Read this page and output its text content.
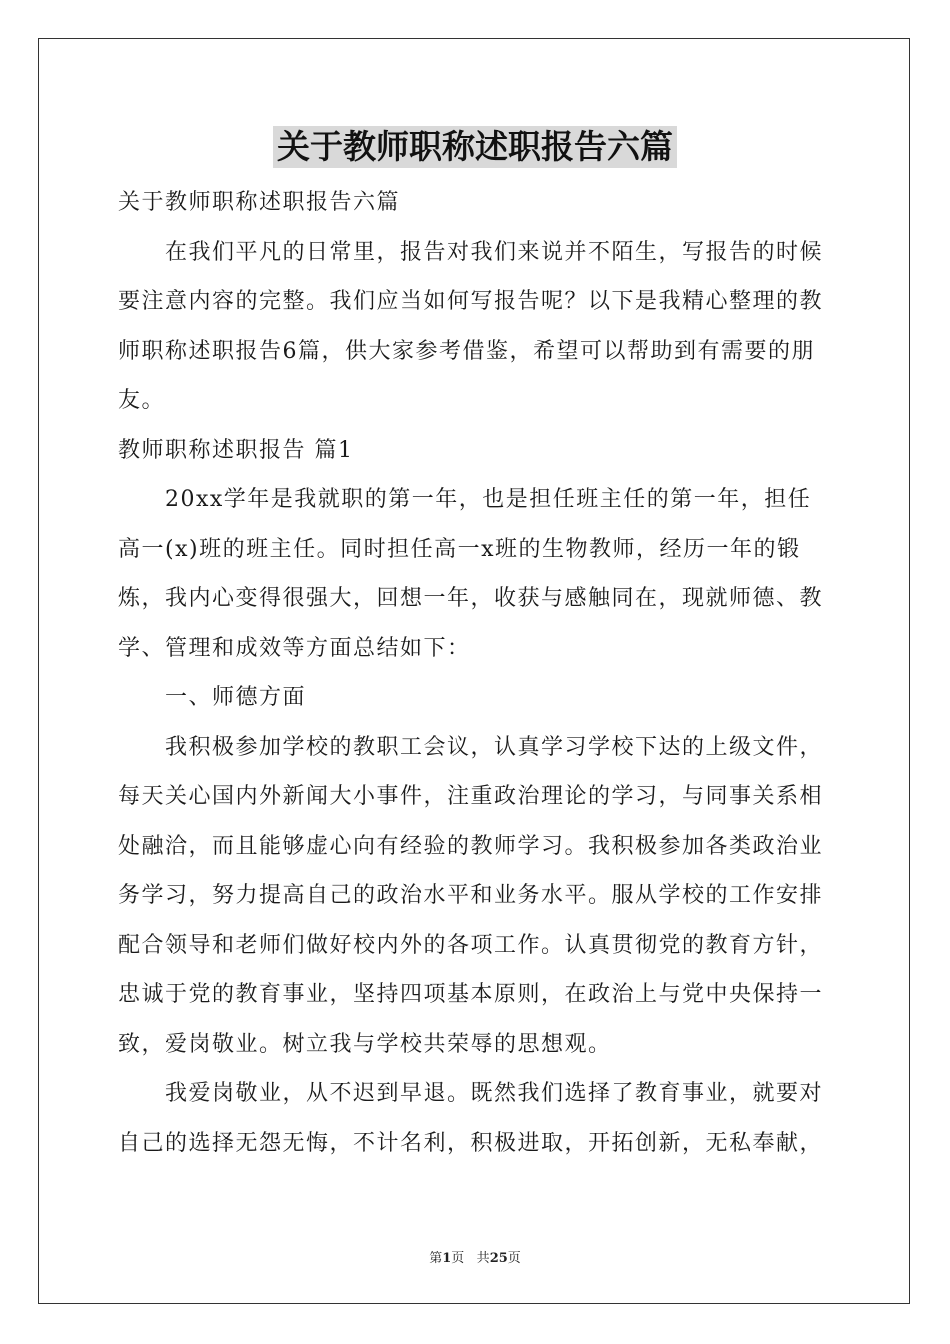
关于教师职称述职报告六篇
关于教师职称述职报告六篇
在我们平凡的日常里，报告对我们来说并不陌生，写报告的时候
要注意内容的完整。我们应当如何写报告呢？以下是我精心整理的教
师职称述职报告6篇，供大家参考借鉴，希望可以帮助到有需要的朋
友。
教师职称述职报告 篇1
20xx学年是我就职的第一年，也是担任班主任的第一年，担任
高一(x)班的班主任。同时担任高一x班的生物教师，经历一年的锻
炼，我内心变得很强大，回想一年，收获与感触同在，现就师德、教
学、管理和成效等方面总结如下：
一、师德方面
我积极参加学校的教职工会议，认真学习学校下达的上级文件，
每天关心国内外新闻大小事件，注重政治理论的学习，与同事关系相
处融洽，而且能够虚心向有经验的教师学习。我积极参加各类政治业
务学习，努力提高自己的政治水平和业务水平。服从学校的工作安排
配合领导和老师们做好校内外的各项工作。认真贯彻党的教育方针，
忠诚于党的教育事业，坚持四项基本原则，在政治上与党中央保持一
致，爱岗敬业。树立我与学校共荣辱的思想观。
我爱岗敬业，从不迟到早退。既然我们选择了教育事业，就要对
自己的选择无怨无悔，不计名利，积极进取，开拓创新，无私奉献，
第1页 共25页
